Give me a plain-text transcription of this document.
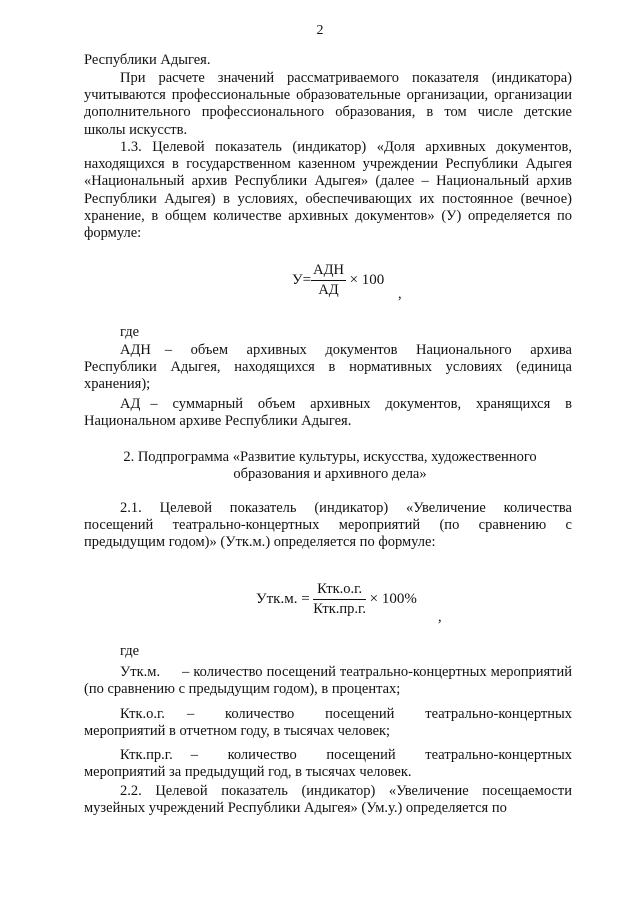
2

Республики Адыгея.

При расчете значений рассматриваемого показателя (индикатора) учитываются профессиональные образовательные организации, организации дополнительного профессионального образования, в том числе детские школы искусств.

1.3. Целевой показатель (индикатор) «Доля архивных документов, находящихся в государственном казенном учреждении Республики Адыгея «Национальный архив Республики Адыгея» (далее – Национальный архив Республики Адыгея) в условиях, обеспечивающих их постоянное (вечное) хранение, в общем количестве архивных документов» (У) определяется по формуле:

$У= \frac{\text{АДН}}{АД} \times 100$
,

где

АДН – объем архивных документов Национального архива Республики Адыгея, находящихся в нормативных условиях (единица хранения);
АД – суммарный объем архивных документов, хранящихся в Национальном архиве Республики Адыгея.

2. Подпрограмма «Развитие культуры, искусства, художественного образования и архивного дела»

2.1. Целевой показатель (индикатор) «Увеличение количества посещений театрально-концертных мероприятий (по сравнению с предыдущим годом)» (Утк.м.) определяется по формуле:
Утк.м. = $\frac{\text{Ктк.о.г.}}{\text{Ктк.пр.г.}} \times 100\%$
,

где

Утк.м. – количество посещений театрально-концертных мероприятий (по сравнению с предыдущим годом), в процентах;
Ктк.о.г. – количество посещений театрально-концертных мероприятий в отчетном году, в тысячах человек;
Ктк.пр.г. – количество посещений театрально-концертных мероприятий за предыдущий год, в тысячах человек.
2.2. Целевой показатель (индикатор) «Увеличение посещаемости музейных учреждений Республики Адыгея» (Ум.у.) определяется по
